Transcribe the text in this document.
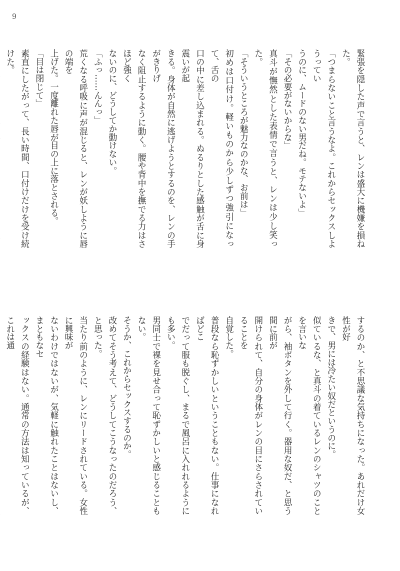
9

緊張を隠した声で言うと、レンは盛大に機嫌を損ねた。

「つまらないこと言うなよ。これからセックスしようってい

うのに、ムードのない男だね。モテないよ」

「その必要がないからな」

真斗が憮然とした表情で言うと、レンは少し笑った。

「そういうところが魅力なのかな、お前は」

初めは口付け。軽いものから少しずつ強引になって、舌の

口の中に差し込まれる。ぬるりとした感触が舌に身震いが起

きる。身体が自然に逃げようとするのを、レンの手がきりげ

なく阻止するように動く。腰や背中を撫でる力はさほど強く

ないのに、どうしてか動けない。

「ふっ……んんっ」

荒くなる呼吸に声が混じると、レンが妖しように唇の端を

上げた。一度離れた唇が目の上に落とされる。

「目は閉じて」

素直にしたがって、長い時間、口付けだけを受け続けた。

するのか、と不思議な気持ちになった。あれだけ女性が好

きで、男には冷たい奴だというのに。

似ているな、と真斗の着ているレンのシャツのことを言いな

がら、袖ボタンを外して行く。器用な奴だ、と思う間に前が

開けられて、自分の身体がレンの目にさらされていることを

自覚した。

普段なら恥ずかしいということもない。仕事になればどこ

でだって服も脱ぐし、まるで風呂に入れれるようにも多い。

男同士で裸を見せ合って恥ずかしいと感じることもない。

そうか、これからセックスするのか。

改めてそう考えて、どうしてこうなったのだろう、と思った。

当たり前のように、レンにリードされている。女性に興味が

ないわけではないが、気軽に触れたことはないし、まともなセ

ックスの経験はない。通常の方法は知っているが、これは通
